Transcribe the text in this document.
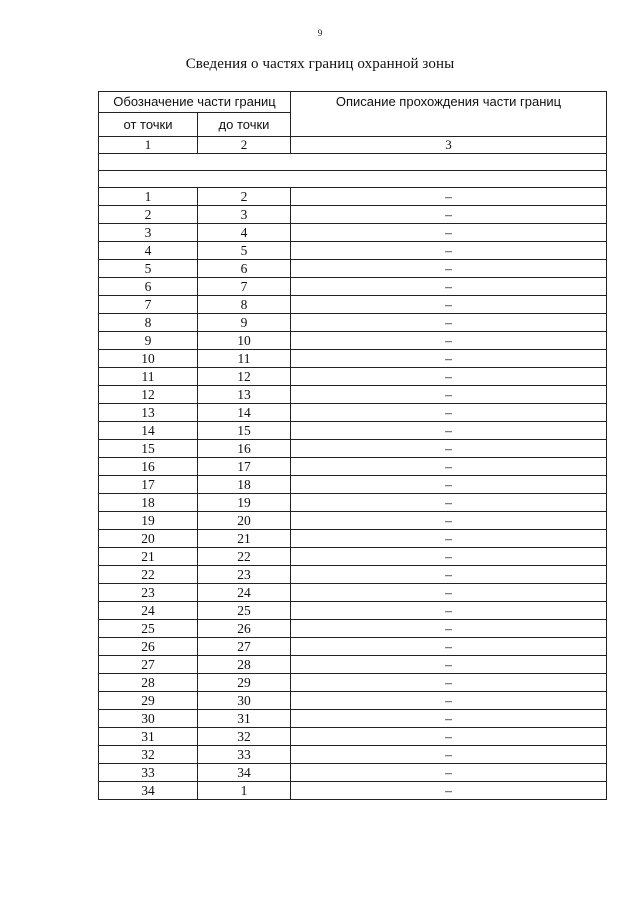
9
Сведения о частях границ охранной зоны
Обозначение части границ		Описание прохождения части границ
от точки	до точки	
1	2	3

1	2	–
2	3	–
3	4	–
4	5	–
5	6	–
6	7	–
7	8	–
8	9	–
9	10	–
10	11	–
11	12	–
12	13	–
13	14	–
14	15	–
15	16	–
16	17	–
17	18	–
18	19	–
19	20	–
20	21	–
21	22	–
22	23	–
23	24	–
24	25	–
25	26	–
26	27	–
27	28	–
28	29	–
29	30	–
30	31	–
31	32	–
32	33	–
33	34	–
34	1	–
